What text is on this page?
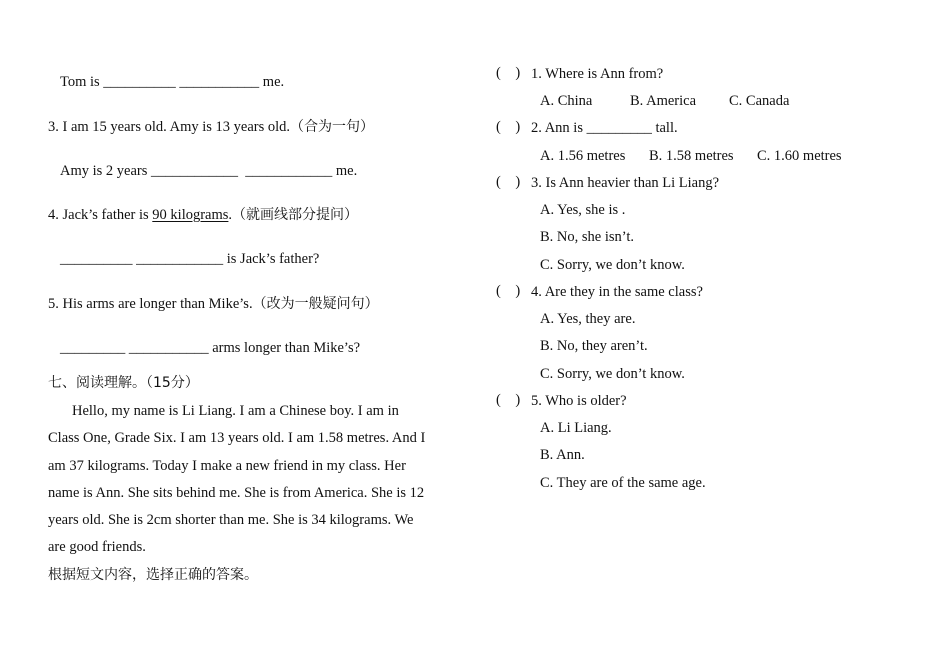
Tom is __________ ___________ me.
3. I am 15 years old. Amy is 13 years old.（合为一句）
Amy is 2 years ____________  ____________ me.
4. Jack’s father is 90 kilograms.（就画线部分提问）
__________ ____________ is Jack’s father?
5. His arms are longer than Mike’s.（改为一般疑问句）
_________ ___________ arms longer than Mike’s?
七、阅读理解。（15分）
Hello, my name is Li Liang. I am a Chinese boy. I am in
Class One, Grade Six. I am 13 years old. I am 1.58 metres. And I
am 37 kilograms. Today I make a new friend in my class. Her
name is Ann. She sits behind me. She is from America. She is 12
years old. She is 2cm shorter than me. She is 34 kilograms. We
are good friends.
根据短文内容，选择正确的答案。
(    ) 1. Where is Ann from?
A. China	B. America C. Canada
(    ) 2. Ann is _________ tall.
A. 1.56 metres B. 1.58 metres C. 1.60 metres
(    ) 3. Is Ann heavier than Li Liang?
A. Yes, she is .
B. No, she isn’t.
C. Sorry, we don’t know.
(    ) 4. Are they in the same class?
A. Yes, they are.
B. No, they aren’t.
C. Sorry, we don’t know.
(    ) 5. Who is older?
A. Li Liang.
B. Ann.
C. They are of the same age.
